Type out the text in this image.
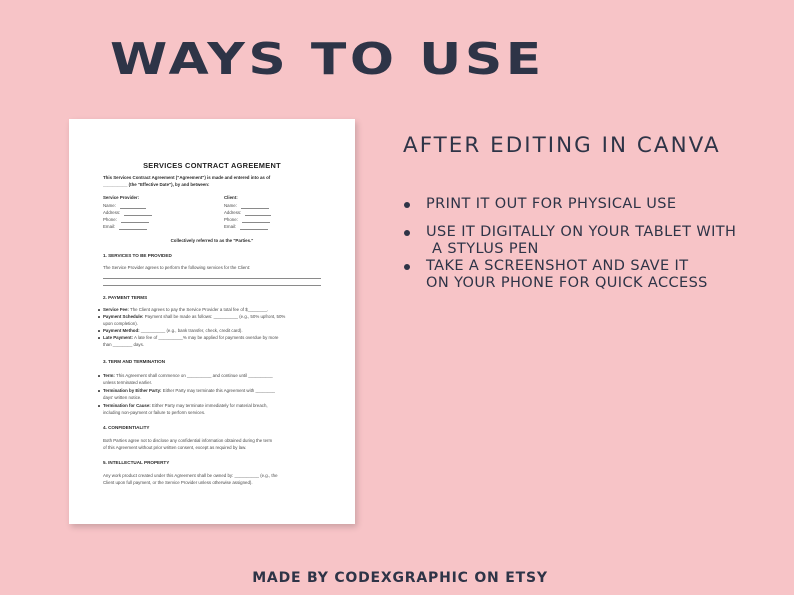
WAYS TO USE
SERVICES CONTRACT AGREEMENT
This Services Contract Agreement ("Agreement") is made and entered into as of
__________ (the "Effective Date"), by and between:
Service Provider:	Client:
Name:
Address:
Phone:
Email:
Name:
Address:
Phone:
Email:
Collectively referred to as the "Parties."
1. SERVICES TO BE PROVIDED
The Service Provider agrees to perform the following services for the Client:
2. PAYMENT TERMS
Service Fee: The Client agrees to pay the Service Provider a total fee of $________.
Payment Schedule: Payment shall be made as follows: __________ (e.g., 50% upfront, 50%
upon completion).
Payment Method: __________ (e.g., bank transfer, check, credit card).
Late Payment: A late fee of __________% may be applied for payments overdue by more
than ________ days.
3. TERM AND TERMINATION
Term: This Agreement shall commence on __________ and continue until __________
unless terminated earlier.
Termination by Either Party: Either Party may terminate this Agreement with ________
days' written notice.
Termination for Cause: Either Party may terminate immediately for material breach,
including non-payment or failure to perform services.
4. CONFIDENTIALITY
Both Parties agree not to disclose any confidential information obtained during the term
of this Agreement without prior written consent, except as required by law.
5. INTELLECTUAL PROPERTY
Any work product created under this Agreement shall be owned by: __________ (e.g., the
Client upon full payment, or the Service Provider unless otherwise assigned).
AFTER EDITING IN CANVA
PRINT IT OUT FOR PHYSICAL USE
USE IT DIGITALLY ON YOUR TABLET WITH
A STYLUS PEN
TAKE A SCREENSHOT AND SAVE IT
ON YOUR PHONE FOR QUICK ACCESS
MADE BY CODEXGRAPHIC ON ETSY
